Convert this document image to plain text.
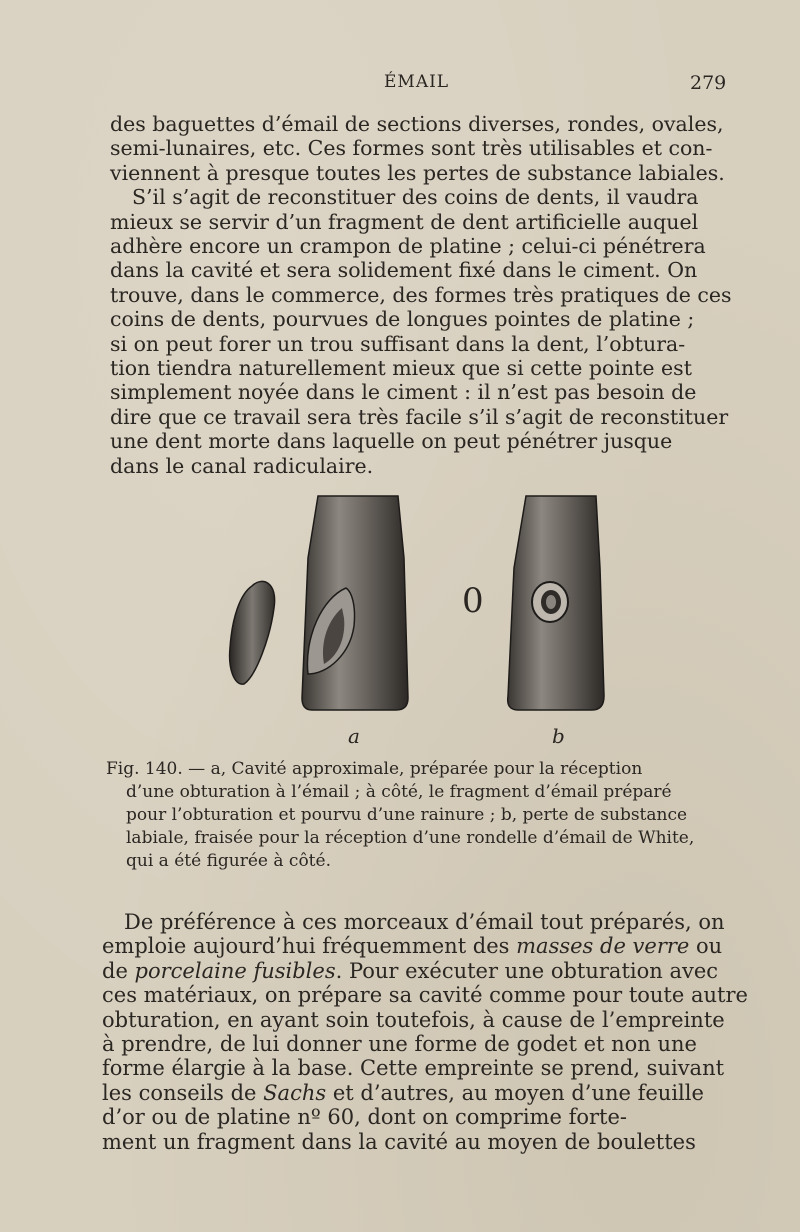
ÉMAIL	279

des baguettes d’émail de sections diverses, rondes, ovales,
semi-lunaires, etc. Ces formes sont très utilisables et con-
viennent à presque toutes les pertes de substance labiales.
S’il s’agit de reconstituer des coins de dents, il vaudra
mieux se servir d’un fragment de dent artificielle auquel
adhère encore un crampon de platine ; celui-ci pénétrera
dans la cavité et sera solidement fixé dans le ciment. On
trouve, dans le commerce, des formes très pratiques de ces
coins de dents, pourvues de longues pointes de platine ;
si on peut forer un trou suffisant dans la dent, l’obtura-
tion tiendra naturellement mieux que si cette pointe est
simplement noyée dans le ciment : il n’est pas besoin de
dire que ce travail sera très facile s’il s’agit de reconstituer
une dent morte dans laquelle on peut pénétrer jusque
dans le canal radiculaire.

0
a	b

Fig. 140. — a, Cavité approximale, préparée pour la réception
d’une obturation à l’émail ; à côté, le fragment d’émail préparé
pour l’obturation et pourvu d’une rainure ; b, perte de substance
labiale, fraisée pour la réception d’une rondelle d’émail de White,
qui a été figurée à côté.

De préférence à ces morceaux d’émail tout préparés, on
emploie aujourd’hui fréquemment des masses de verre ou
de porcelaine fusibles. Pour exécuter une obturation avec
ces matériaux, on prépare sa cavité comme pour toute autre
obturation, en ayant soin toutefois, à cause de l’empreinte
à prendre, de lui donner une forme de godet et non une
forme élargie à la base. Cette empreinte se prend, suivant
les conseils de Sachs et d’autres, au moyen d’une feuille
d’or ou de platine nº 60, dont on comprime forte-
ment un fragment dans la cavité au moyen de boulettes
